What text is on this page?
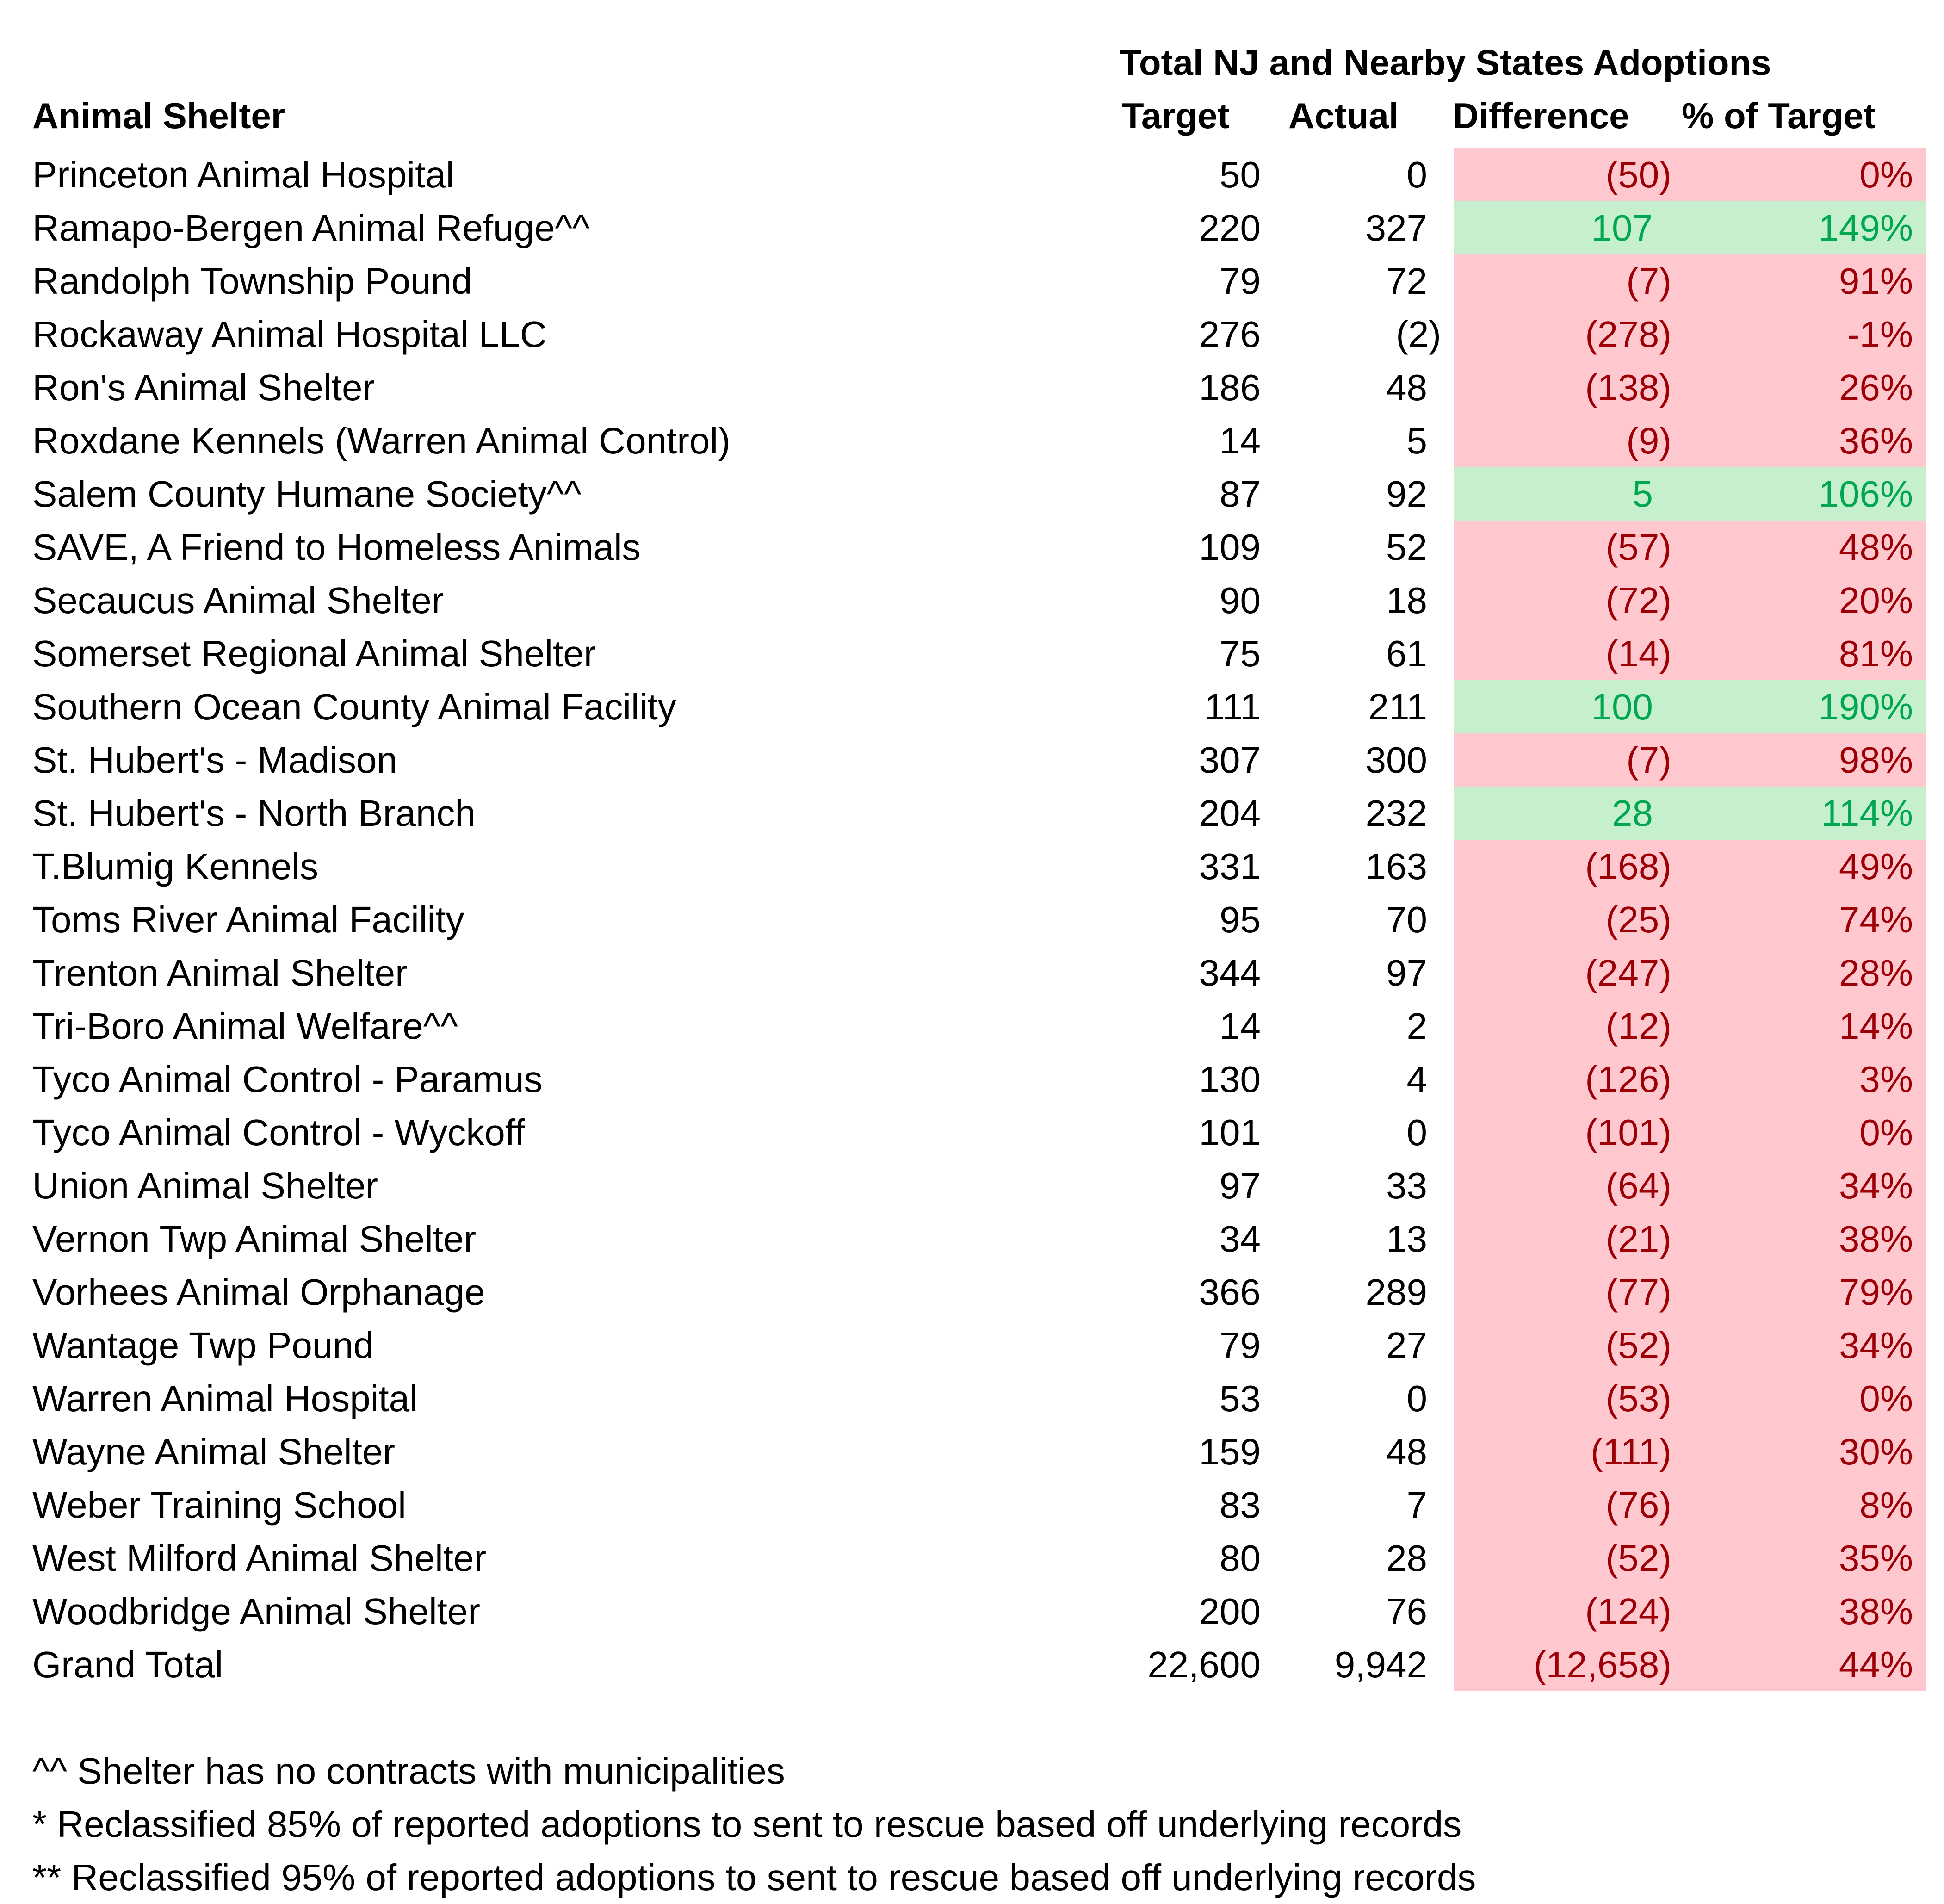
Total NJ and Nearby States Adoptions
Animal Shelter	Target Actual Difference % of Target
Princeton Animal Hospital	50	0	(50)	0%
Ramapo-Bergen Animal Refuge^^	220	327	107	149%
Randolph Township Pound	79	72	(7)	91%
Rockaway Animal Hospital LLC	276	(2)	(278)	-1%
Ron's Animal Shelter	186	48	(138)	26%
Roxdane Kennels (Warren Animal Control)	14	5	(9)	36%
Salem County Humane Society^^	87	92	5	106%
SAVE, A Friend to Homeless Animals	109	52	(57)	48%
Secaucus Animal Shelter	90	18	(72)	20%
Somerset Regional Animal Shelter	75	61	(14)	81%
Southern Ocean County Animal Facility	111	211	100	190%
St. Hubert's - Madison	307	300	(7)	98%
St. Hubert's - North Branch	204	232	28	114%
T.Blumig Kennels	331	163	(168)	49%
Toms River Animal Facility	95	70	(25)	74%
Trenton Animal Shelter	344	97	(247)	28%
Tri-Boro Animal Welfare^^	14	2	(12)	14%
Tyco Animal Control - Paramus	130	4	(126)	3%
Tyco Animal Control - Wyckoff	101	0	(101)	0%
Union Animal Shelter	97	33	(64)	34%
Vernon Twp Animal Shelter	34	13	(21)	38%
Vorhees Animal Orphanage	366	289	(77)	79%
Wantage Twp Pound	79	27	(52)	34%
Warren Animal Hospital	53	0	(53)	0%
Wayne Animal Shelter	159	48	(111)	30%
Weber Training School	83	7	(76)	8%
West Milford Animal Shelter	80	28	(52)	35%
Woodbridge Animal Shelter	200	76	(124)	38%
Grand Total	22,600	9,942	(12,658)	44%
^^ Shelter has no contracts with municipalities
* Reclassified 85% of reported adoptions to sent to rescue based off underlying records
** Reclassified 95% of reported adoptions to sent to rescue based off underlying records
